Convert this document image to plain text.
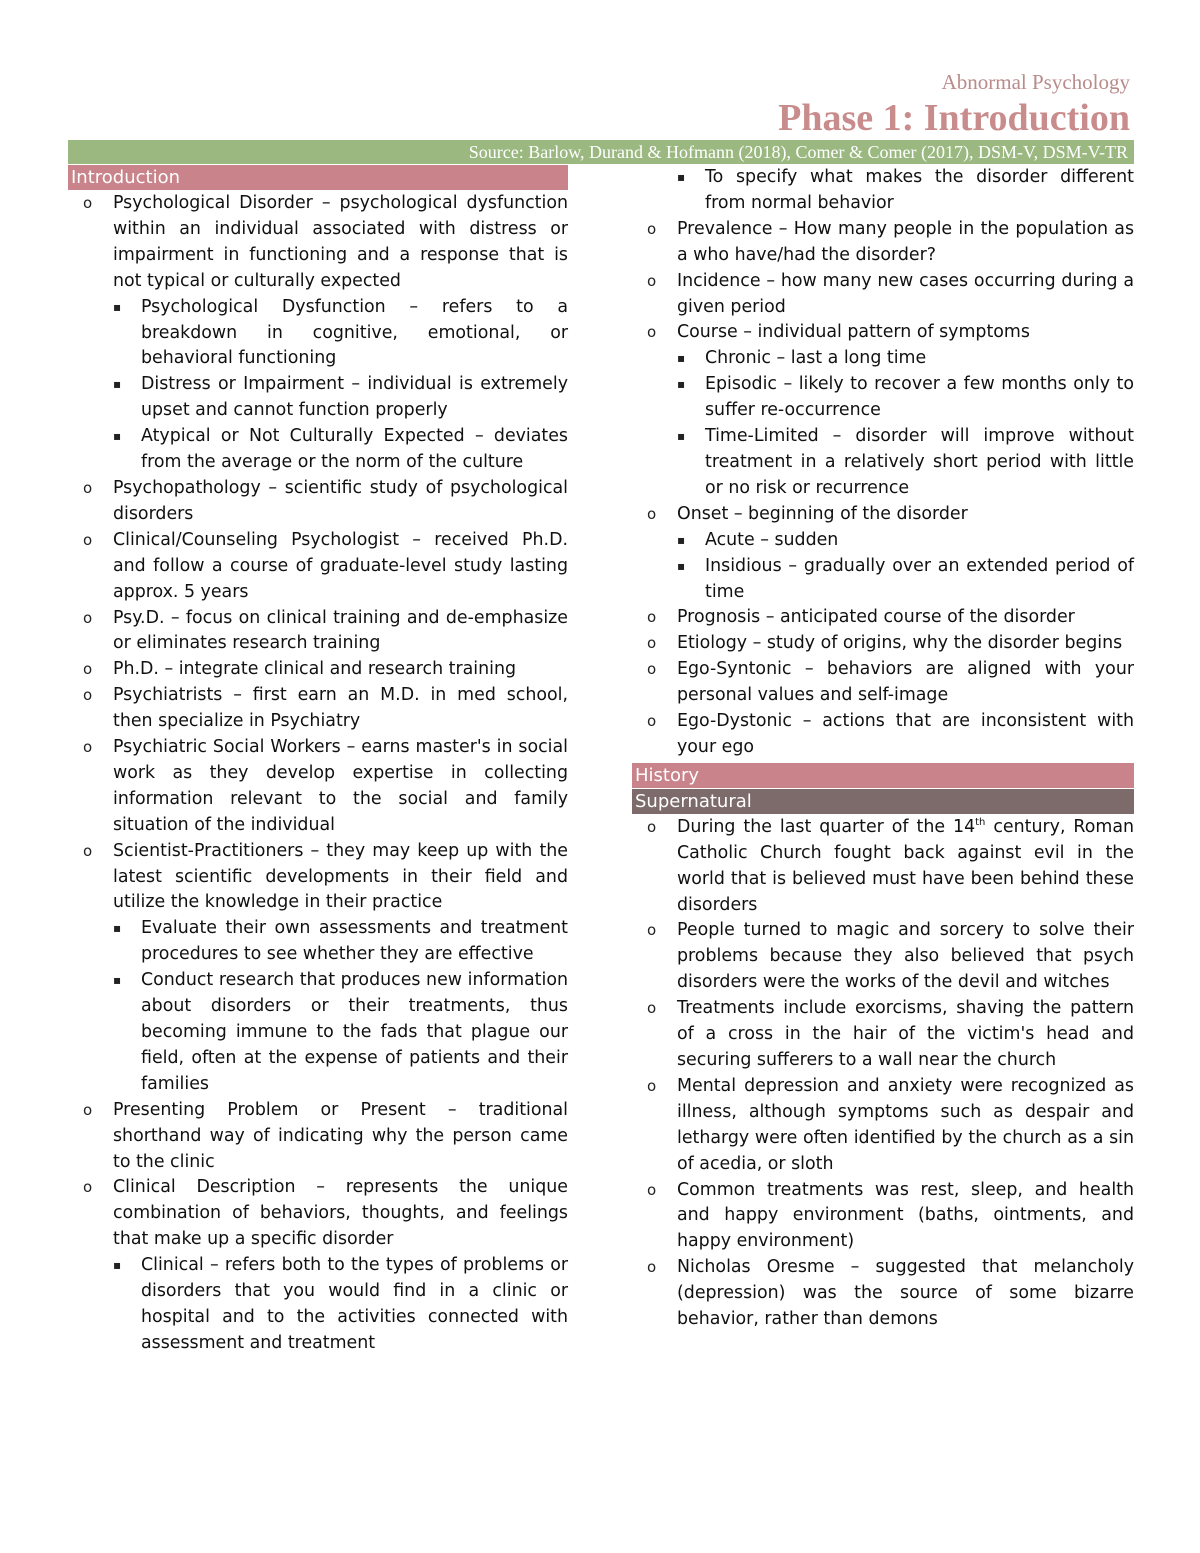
Abnormal Psychology
Phase 1: Introduction
Source: Barlow, Durand & Hofmann (2018), Comer & Comer (2017), DSM-V, DSM-V-TR
Introduction
o Psychological Disorder – psychological dysfunction within an individual associated with distress or impairment in functioning and a response that is not typical or culturally expected
▪ Psychological Dysfunction – refers to a breakdown in cognitive, emotional, or behavioral functioning
▪ Distress or Impairment – individual is extremely upset and cannot function properly
▪ Atypical or Not Culturally Expected – deviates from the average or the norm of the culture
o Psychopathology – scientific study of psychological disorders
o Clinical/Counseling Psychologist – received Ph.D. and follow a course of graduate-level study lasting approx. 5 years
o Psy.D. – focus on clinical training and de-emphasize or eliminates research training
o Ph.D. – integrate clinical and research training
o Psychiatrists – first earn an M.D. in med school, then specialize in Psychiatry
o Psychiatric Social Workers – earns master's in social work as they develop expertise in collecting information relevant to the social and family situation of the individual
o Scientist-Practitioners – they may keep up with the latest scientific developments in their field and utilize the knowledge in their practice
▪ Evaluate their own assessments and treatment procedures to see whether they are effective
▪ Conduct research that produces new information about disorders or their treatments, thus becoming immune to the fads that plague our field, often at the expense of patients and their families
o Presenting Problem or Present – traditional shorthand way of indicating why the person came to the clinic
o Clinical Description – represents the unique combination of behaviors, thoughts, and feelings that make up a specific disorder
▪ Clinical – refers both to the types of problems or disorders that you would find in a clinic or hospital and to the activities connected with assessment and treatment
▪ To specify what makes the disorder different from normal behavior
o Prevalence – How many people in the population as a who have/had the disorder?
o Incidence – how many new cases occurring during a given period
o Course – individual pattern of symptoms
▪ Chronic – last a long time
▪ Episodic – likely to recover a few months only to suffer re-occurrence
▪ Time-Limited – disorder will improve without treatment in a relatively short period with little or no risk or recurrence
o Onset – beginning of the disorder
▪ Acute – sudden
▪ Insidious – gradually over an extended period of time
o Prognosis – anticipated course of the disorder
o Etiology – study of origins, why the disorder begins
o Ego-Syntonic – behaviors are aligned with your personal values and self-image
o Ego-Dystonic – actions that are inconsistent with your ego
History
Supernatural
o During the last quarter of the 14th century, Roman Catholic Church fought back against evil in the world that is believed must have been behind these disorders
o People turned to magic and sorcery to solve their problems because they also believed that psych disorders were the works of the devil and witches
o Treatments include exorcisms, shaving the pattern of a cross in the hair of the victim's head and securing sufferers to a wall near the church
o Mental depression and anxiety were recognized as illness, although symptoms such as despair and lethargy were often identified by the church as a sin of acedia, or sloth
o Common treatments was rest, sleep, and health and happy environment (baths, ointments, and happy environment)
o Nicholas Oresme – suggested that melancholy (depression) was the source of some bizarre behavior, rather than demons
